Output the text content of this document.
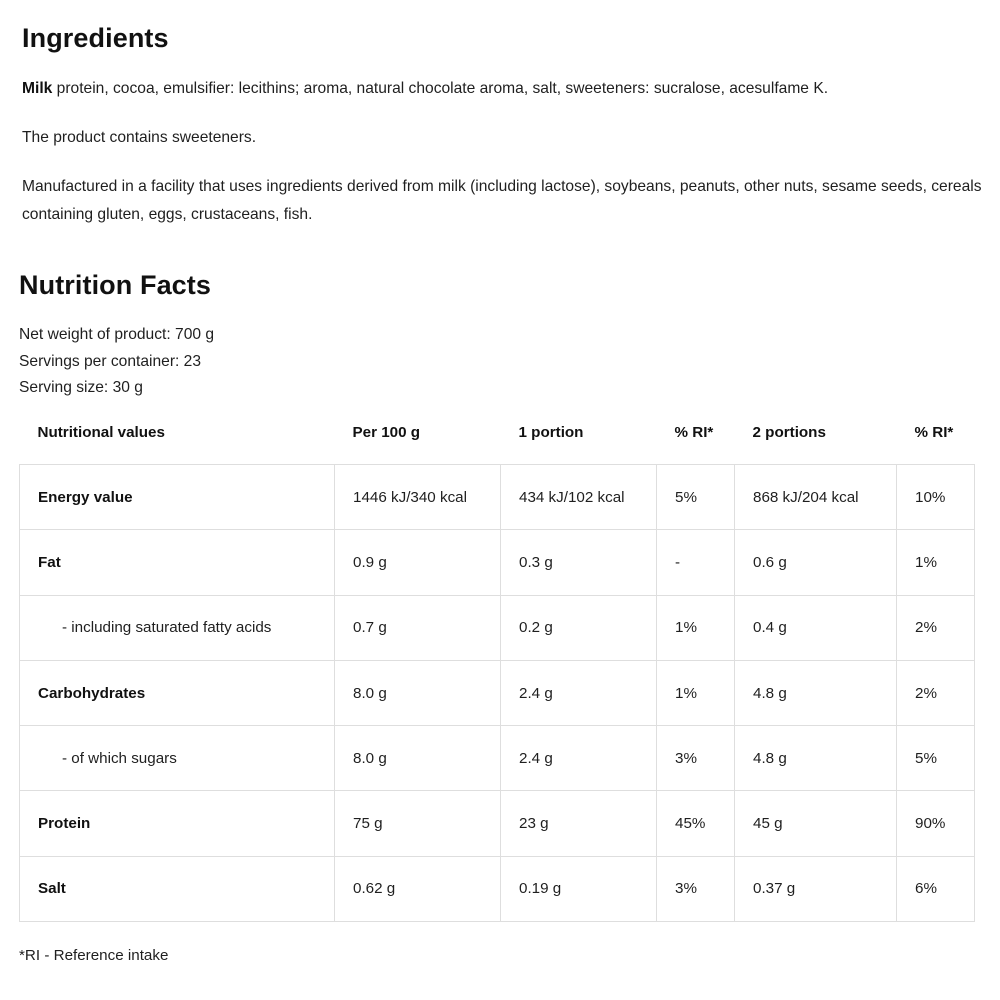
Ingredients

Milk protein, cocoa, emulsifier: lecithins; aroma, natural chocolate aroma, salt, sweeteners: sucralose, acesulfame K.

The product contains sweeteners.

Manufactured in a facility that uses ingredients derived from milk (including lactose), soybeans, peanuts, other nuts, sesame seeds, cereals containing gluten, eggs, crustaceans, fish.

Nutrition Facts
Net weight of product: 700 g
Servings per container: 23
Serving size: 30 g
Nutritional values	Per 100 g	1 portion	% RI*	2 portions	% RI*

Energy value	1446 kJ/340 kcal	434 kJ/102 kcal	5%	868 kJ/204 kcal	10%
Fat	0.9 g	0.3 g	-	0.6 g	1%
- including saturated fatty acids	0.7 g	0.2 g	1%	0.4 g	2%
Carbohydrates	8.0 g	2.4 g	1%	4.8 g	2%
- of which sugars	8.0 g	2.4 g	3%	4.8 g	5%
Protein	75 g	23 g	45%	45 g	90%
Salt	0.62 g	0.19 g	3%	0.37 g	6%
*RI - Reference intake
